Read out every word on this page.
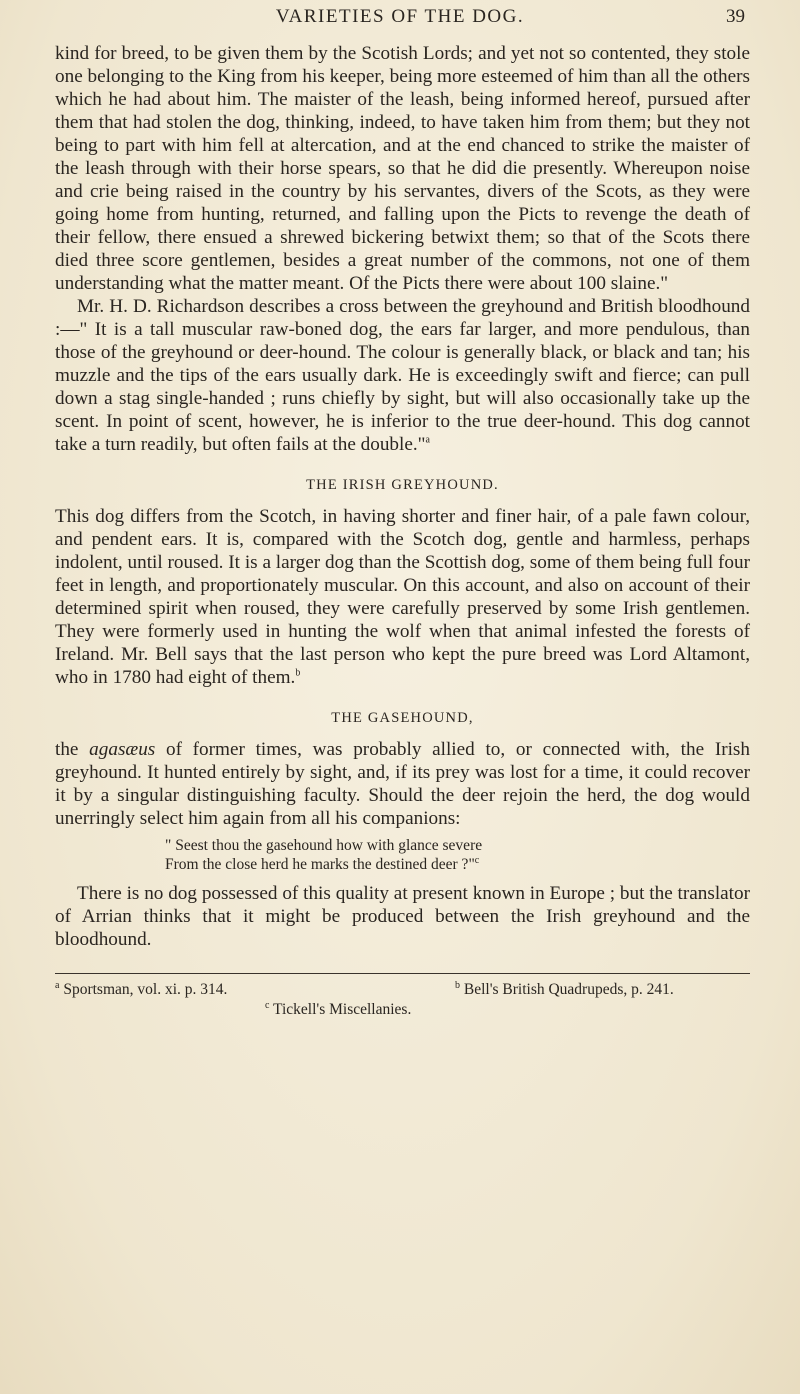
VARIETIES OF THE DOG.	39

kind for breed, to be given them by the Scotish Lords; and yet not so contented, they stole one belonging to the King from his keeper, being more esteemed of him than all the others which he had about him. The maister of the leash, being informed hereof, pursued after them that had stolen the dog, thinking, indeed, to have taken him from them; but they not being to part with him fell at altercation, and at the end chanced to strike the maister of the leash through with their horse spears, so that he did die presently. Whereupon noise and crie being raised in the country by his servantes, divers of the Scots, as they were going home from hunting, returned, and falling upon the Picts to revenge the death of their fellow, there ensued a shrewed bickering betwixt them; so that of the Scots there died three score gentlemen, besides a great number of the commons, not one of them understanding what the matter meant. Of the Picts there were about 100 slaine."

Mr. H. D. Richardson describes a cross between the greyhound and British bloodhound :—" It is a tall muscular raw-boned dog, the ears far larger, and more pendulous, than those of the greyhound or deer-hound. The colour is generally black, or black and tan; his muzzle and the tips of the ears usually dark. He is exceedingly swift and fierce; can pull down a stag single-handed ; runs chiefly by sight, but will also occasionally take up the scent. In point of scent, however, he is inferior to the true deer-hound. This dog cannot take a turn readily, but often fails at the double."$^a$

THE IRISH GREYHOUND.

This dog differs from the Scotch, in having shorter and finer hair, of a pale fawn colour, and pendent ears. It is, compared with the Scotch dog, gentle and harmless, perhaps indolent, until roused. It is a larger dog than the Scottish dog, some of them being full four feet in length, and proportionately muscular. On this account, and also on account of their determined spirit when roused, they were carefully preserved by some Irish gentlemen. They were formerly used in hunting the wolf when that animal infested the forests of Ireland. Mr. Bell says that the last person who kept the pure breed was Lord Altamont, who in 1780 had eight of them.$^b$

THE GASEHOUND,

the agasæus of former times, was probably allied to, or connected with, the Irish greyhound. It hunted entirely by sight, and, if its prey was lost for a time, it could recover it by a singular distinguishing faculty. Should the deer rejoin the herd, the dog would unerringly select him again from all his companions:

" Seest thou the gasehound how with glance severe
From the close herd he marks the destined deer ?"$^c$

There is no dog possessed of this quality at present known in Europe ; but the translator of Arrian thinks that it might be produced between the Irish greyhound and the bloodhound.

$^a$ Sportsman, vol. xi. p. 314.	$^b$ Bell's British Quadrupeds, p. 241.
$^c$ Tickell's Miscellanies.
